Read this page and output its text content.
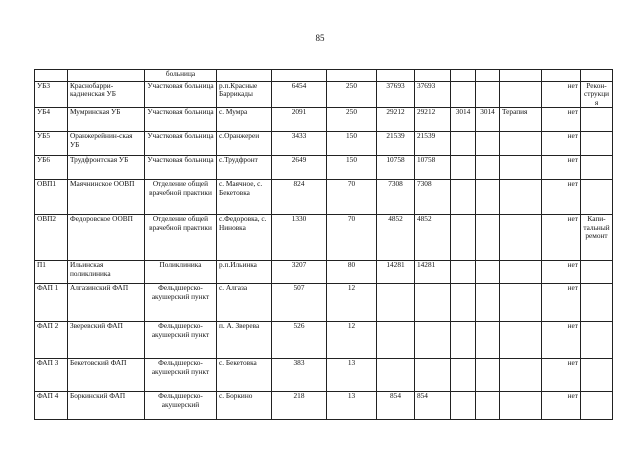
85
		больница										
УБ3	Краснобарри-кадненская УБ	Участковая больница	р.п.Красные Баррикады	6454	250	37693	37693				нет	Рекон-струкция
УБ4	Мумринская УБ	Участковая больница	с. Мумра	2091	250	29212	29212	3014	3014	Терапия	нет	
УБ5	Оранжерейнин-ская УБ	Участковая больница	с.Оранжереи	3433	150	21539	21539				нет	
УБ6	Трудфронтская УБ	Участковая больница	с.Трудфронт	2649	150	10758	10758				нет	
ОВП1	Маячнинское ООВП	Отделение общей врачебной практики	с. Маячное, с. Бекетовка	824	70	7308	7308				нет	
ОВП2	Федоровское ООВП	Отделение общей врачебной практики	с.Федоровка, с. Ниновка	1330	70	4852	4852				нет	Капи-тальный ремонт
П1	Ильинская поликлиника	Поликлиника	р.п.Ильинка	3207	80	14281	14281				нет	
ФАП 1	Алгазинский ФАП	Фельдшерско-акушерский пункт	с. Алгаза	507	12						нет	
ФАП 2	Зверевский ФАП	Фельдшерско-акушерский пункт	п. А. Зверева	526	12						нет	
ФАП 3	Бекетовский ФАП	Фельдшерско-акушерский пункт	с. Бекетовка	383	13						нет	
ФАП 4	Боркинский ФАП	Фельдшерско-акушерский	с. Боркино	218	13	854	854				нет	
